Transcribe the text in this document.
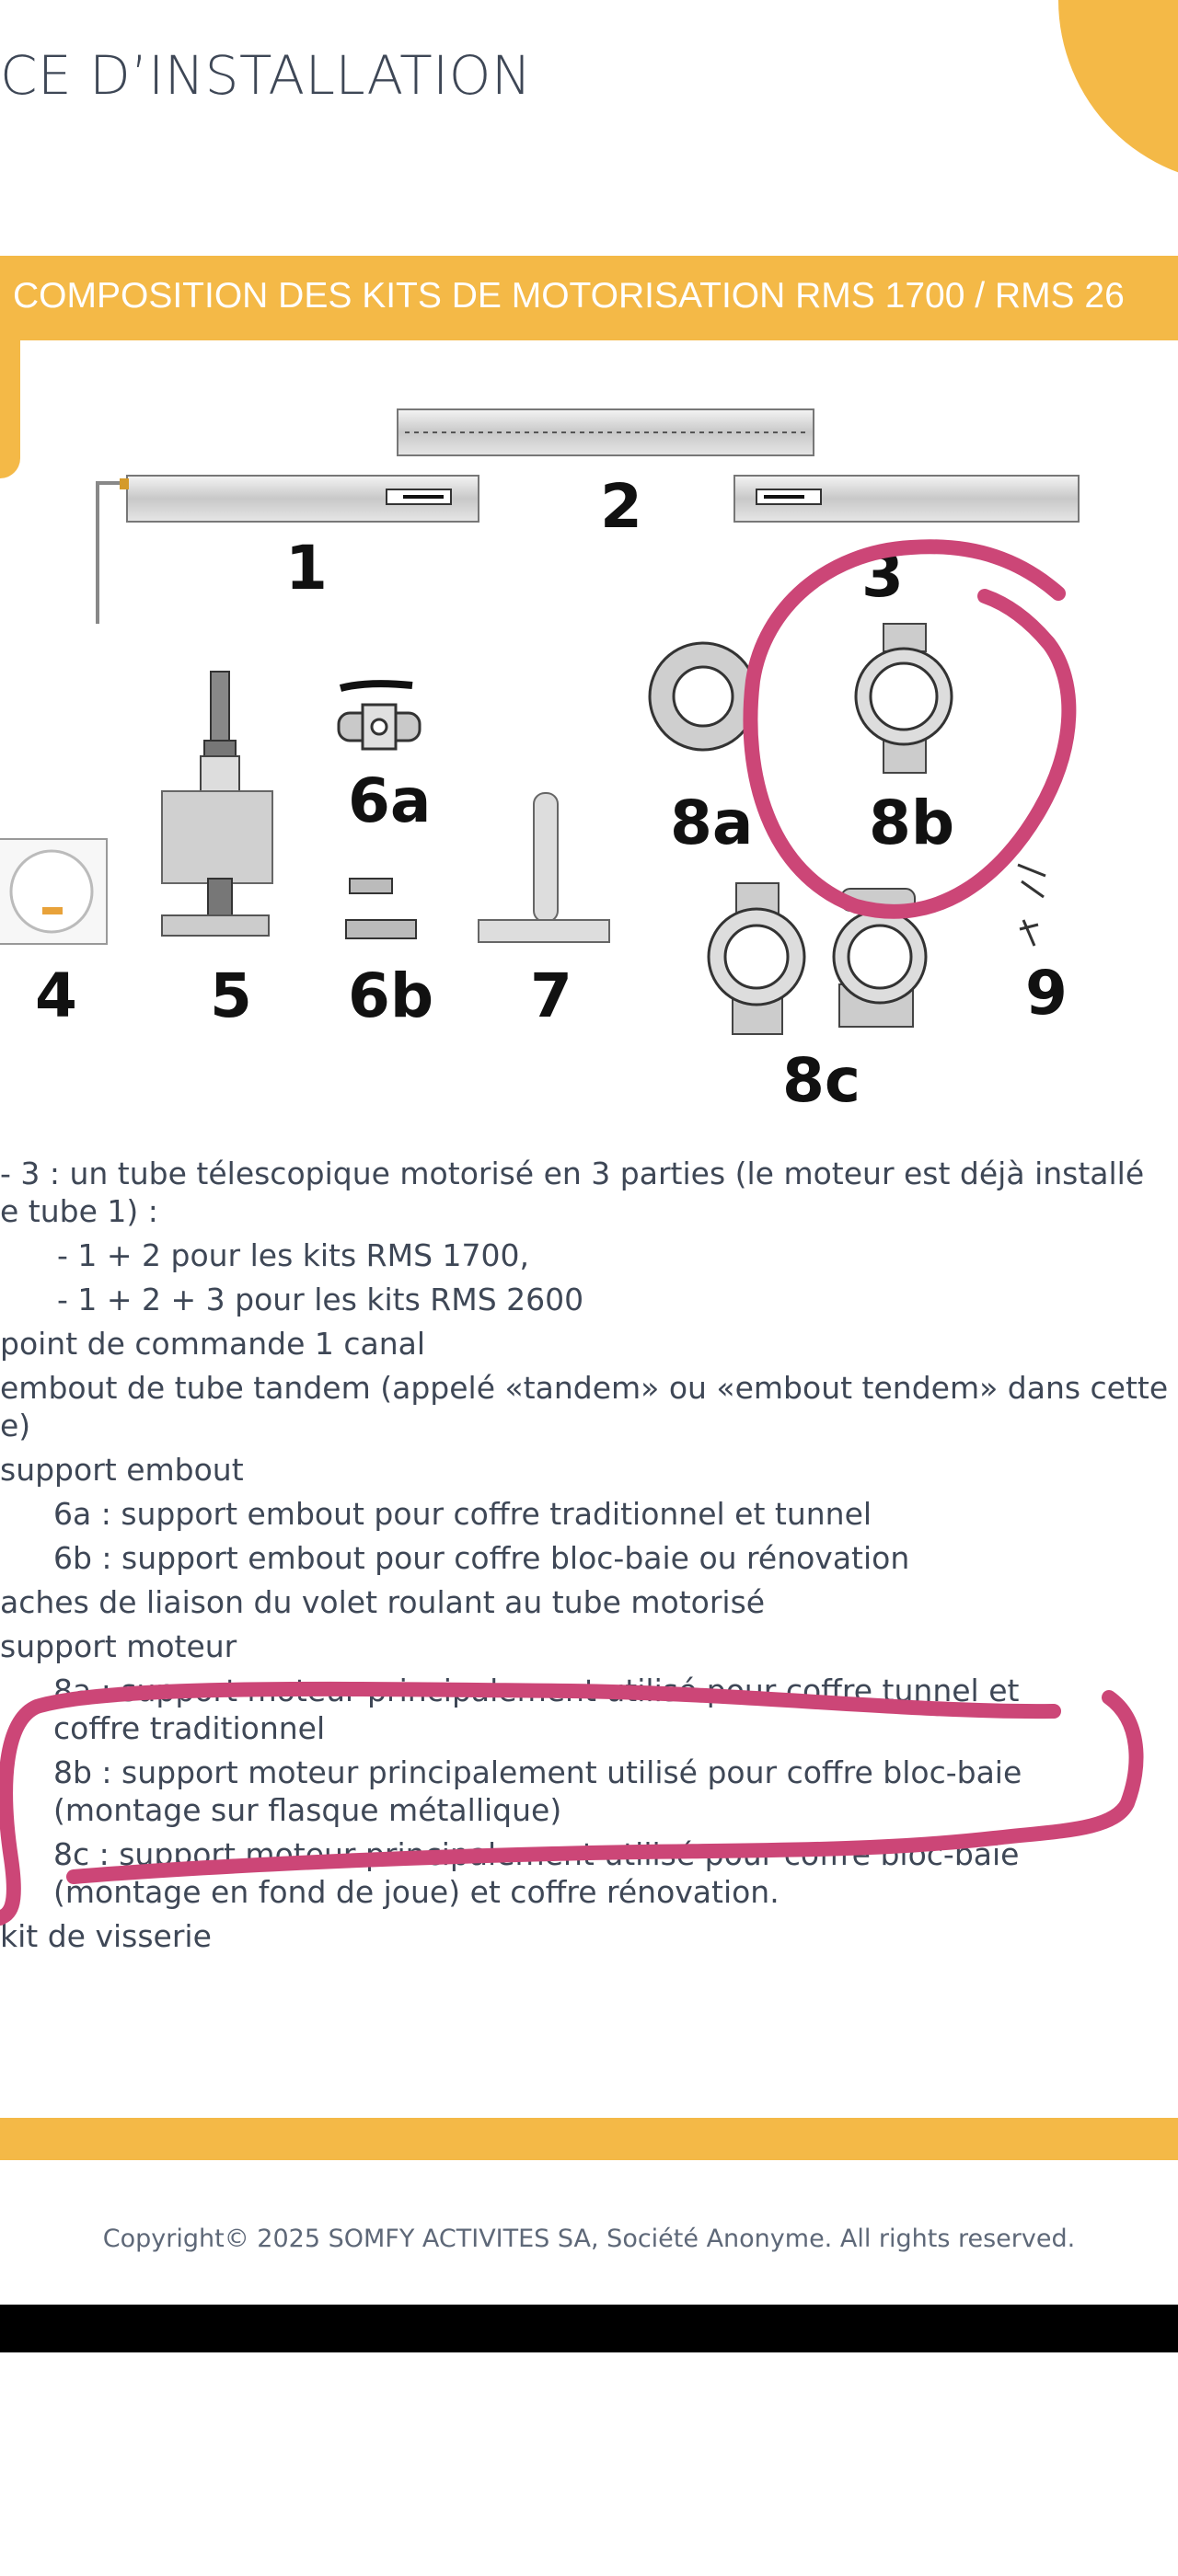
CE D’INSTALLATION
COMPOSITION DES KITS DE MOTORISATION RMS 1700 / RMS 26
1
2
3
4 5
6a
6b 7
8a 8b
8c
9
- 3 : un tube télescopique motorisé en 3 parties (le moteur est déjà installé
e tube 1) :
- 1 + 2 pour les kits RMS 1700,
- 1 + 2 + 3 pour les kits RMS 2600
point de commande 1 canal
embout de tube tandem (appelé «tandem» ou «embout tendem» dans cette
e)
support embout
6a : support embout pour coffre traditionnel et tunnel
6b : support embout pour coffre bloc-baie ou rénovation
aches de liaison du volet roulant au tube motorisé
support moteur
8a : support moteur principalement utilisé pour coffre tunnel et
coffre traditionnel
8b : support moteur principalement utilisé pour coffre bloc-baie
(montage sur flasque métallique)
8c : support moteur principalement utilisé pour coffre bloc-baie
(montage en fond de joue) et coffre rénovation.
kit de visserie
Copyright© 2025 SOMFY ACTIVITES SA, Société Anonyme. All rights reserved.
